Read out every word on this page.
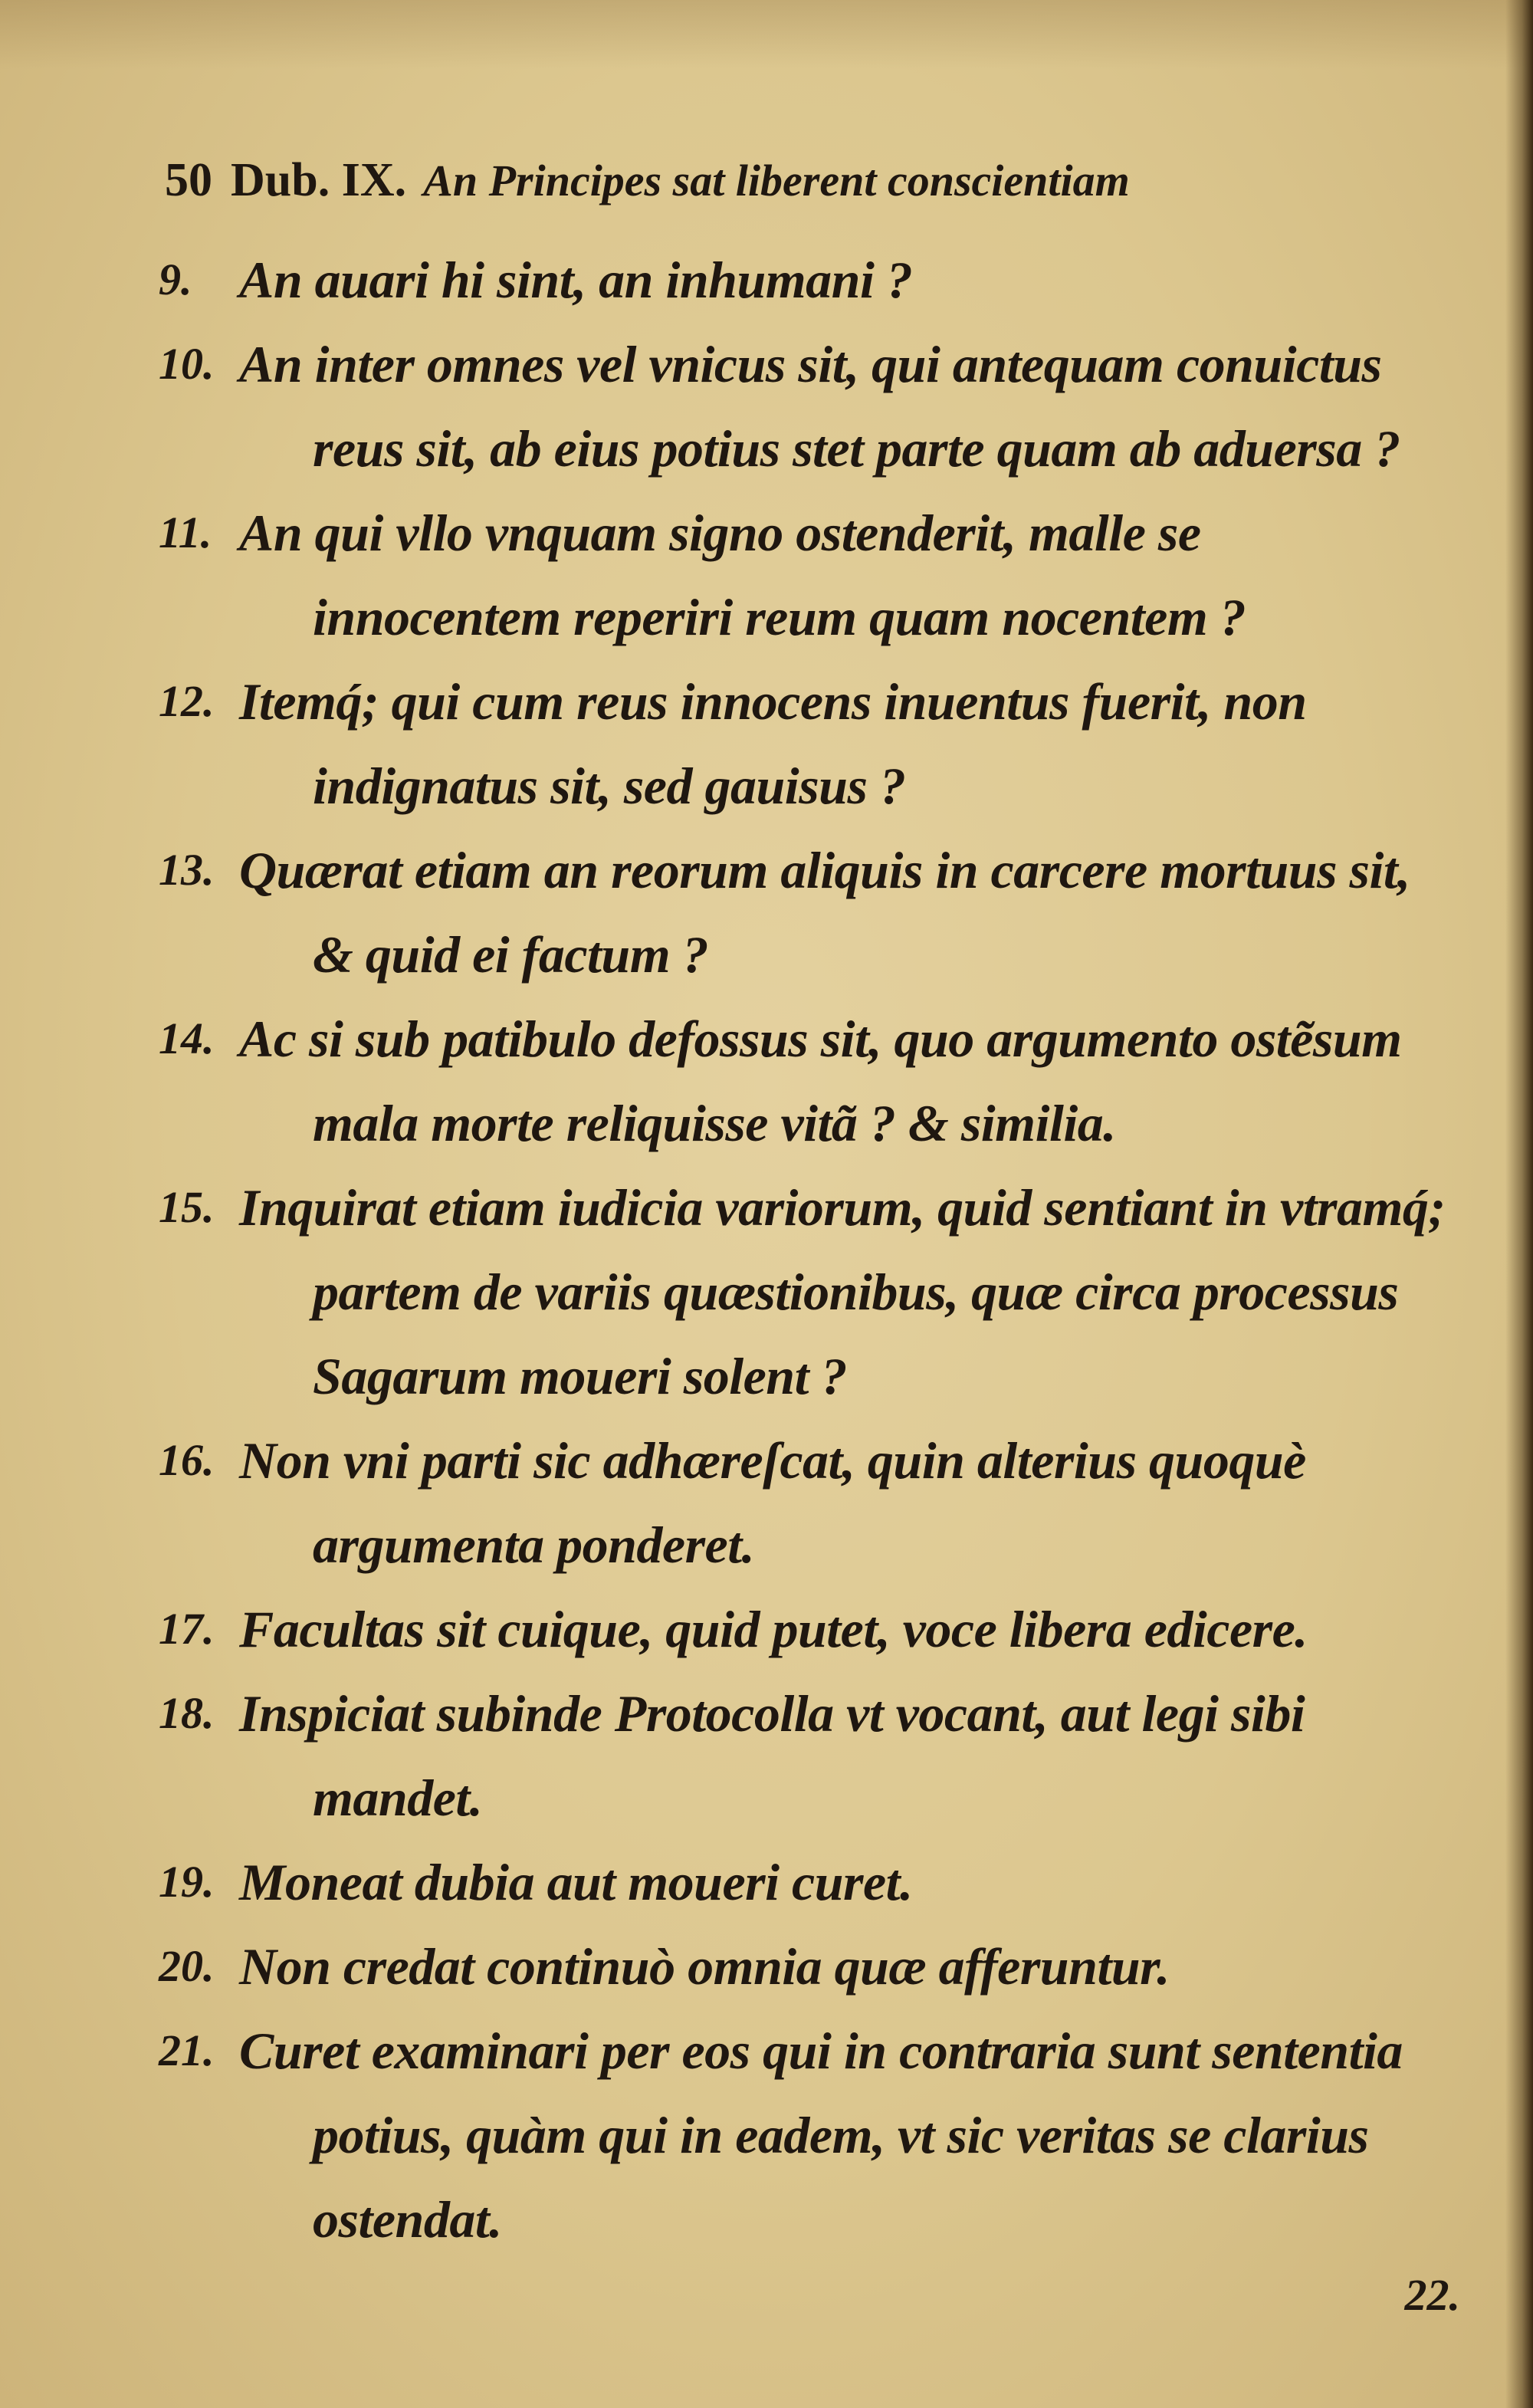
50 Dub. IX. An Principes sat liberent conscientiam
9. An auari hi sint, an inhumani ?
10. An inter omnes vel vnicus sit, qui antequam conuictus reus sit, ab eius potius stet parte quam ab aduersa ?
11. An qui vllo vnquam signo ostenderit, malle se innocentem reperiri reum quam nocentem ?
12. Itemq́; qui cum reus innocens inuentus fuerit, non indignatus sit, sed gauisus ?
13. Quærat etiam an reorum aliquis in carcere mortuus sit, & quid ei factum ?
14. Ac si sub patibulo defossus sit, quo argumento ostẽsum mala morte reliquisse vitã ? & similia.
15. Inquirat etiam iudicia variorum, quid sentiant in vtramq́; partem de variis quæstionibus, quæ circa processus Sagarum moueri solent ?
16. Non vni parti sic adhæreſcat, quin alterius quoquè argumenta ponderet.
17. Facultas sit cuique, quid putet, voce libera edicere.
18. Inspiciat subinde Protocolla vt vocant, aut legi sibi mandet.
19. Moneat dubia aut moueri curet.
20. Non credat continuò omnia quæ afferuntur.
21. Curet examinari per eos qui in contraria sunt sententia potius, quàm qui in eadem, vt sic veritas se clarius ostendat.
22.
